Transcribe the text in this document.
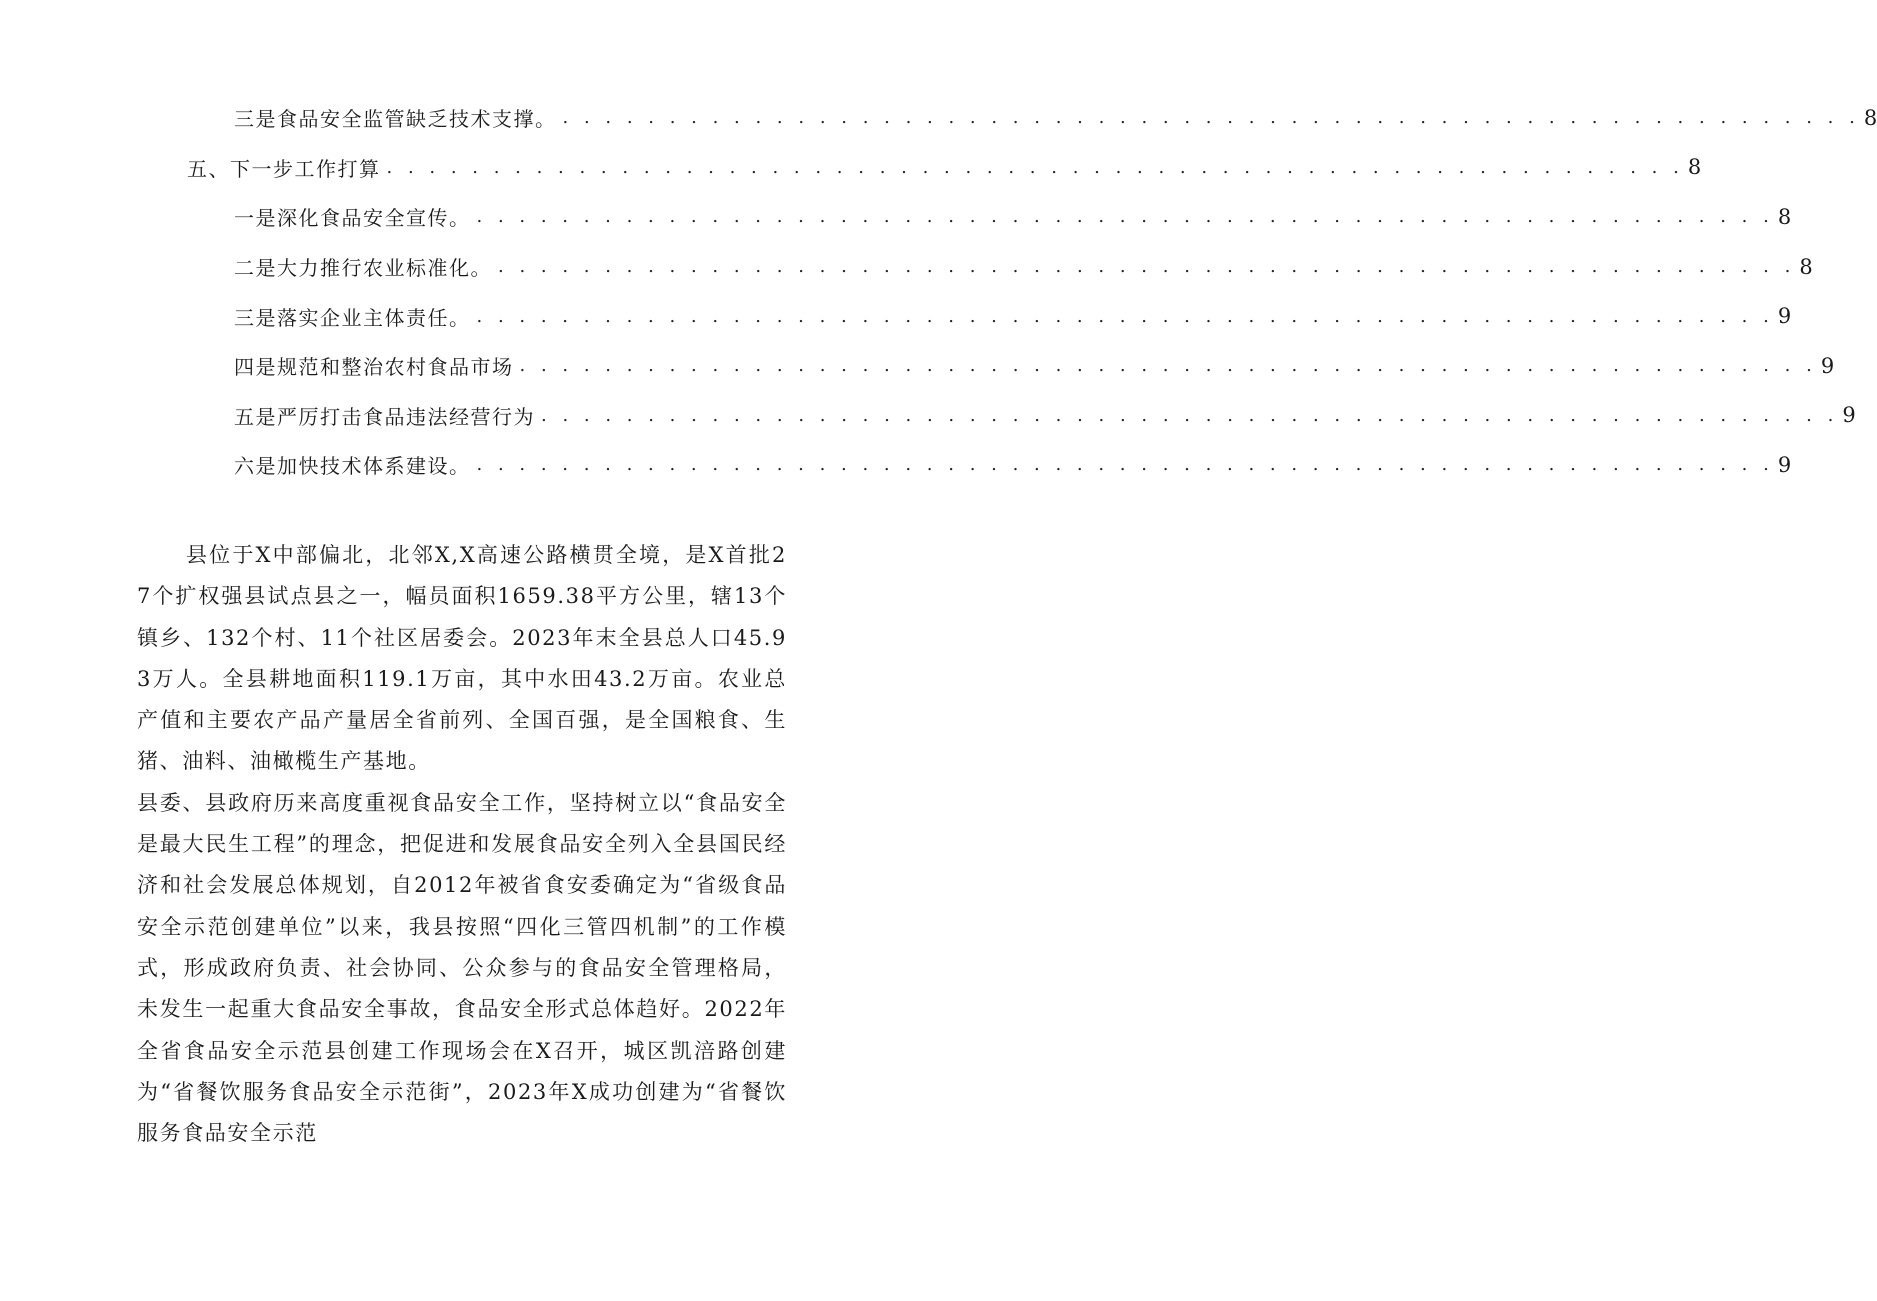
三是食品安全监管缺乏技术支撑。 . . . . . . . . . . . . . . . . . . . . . . . . . . . . . . . . . . . . . . . . . . . . . . . . . . . . . . . . . . . . . 8
五、下一步工作打算 . . . . . . . . . . . . . . . . . . . . . . . . . . . . . . . . . . . . . . . . . . . . . . . . . . . . . . . . . . . . . 8
一是深化食品安全宣传。 . . . . . . . . . . . . . . . . . . . . . . . . . . . . . . . . . . . . . . . . . . . . . . . . . . . . . . . . . . . . . 8
二是大力推行农业标准化。 . . . . . . . . . . . . . . . . . . . . . . . . . . . . . . . . . . . . . . . . . . . . . . . . . . . . . . . . . . . . . 8
三是落实企业主体责任。 . . . . . . . . . . . . . . . . . . . . . . . . . . . . . . . . . . . . . . . . . . . . . . . . . . . . . . . . . . . . . 9
四是规范和整治农村食品市场 . . . . . . . . . . . . . . . . . . . . . . . . . . . . . . . . . . . . . . . . . . . . . . . . . . . . . . . . . . . . . 9
五是严厉打击食品违法经营行为 . . . . . . . . . . . . . . . . . . . . . . . . . . . . . . . . . . . . . . . . . . . . . . . . . . . . . . . . . . . . . 9
六是加快技术体系建设。 . . . . . . . . . . . . . . . . . . . . . . . . . . . . . . . . . . . . . . . . . . . . . . . . . . . . . . . . . . . . . 9

县位于X中部偏北，北邻X,X高速公路横贯全境，是X首批27个扩权强县试点县之一，幅员面积1659.38平方公里，辖13个镇乡、132个村、11个社区居委会。2023年末全县总人口45.93万人。全县耕地面积119.1万亩，其中水田43.2万亩。农业总产值和主要农产品产量居全省前列、全国百强，是全国粮食、生猪、油料、油橄榄生产基地。

县委、县政府历来高度重视食品安全工作，坚持树立以“食品安全是最大民生工程”的理念，把促进和发展食品安全列入全县国民经济和社会发展总体规划，自2012年被省食安委确定为“省级食品安全示范创建单位”以来，我县按照“四化三管四机制”的工作模式，形成政府负责、社会协同、公众参与的食品安全管理格局，未发生一起重大食品安全事故，食品安全形式总体趋好。2022年全省食品安全示范县创建工作现场会在X召开，城区凯涪路创建为“省餐饮服务食品安全示范街”，2023年X成功创建为“省餐饮服务食品安全示范
